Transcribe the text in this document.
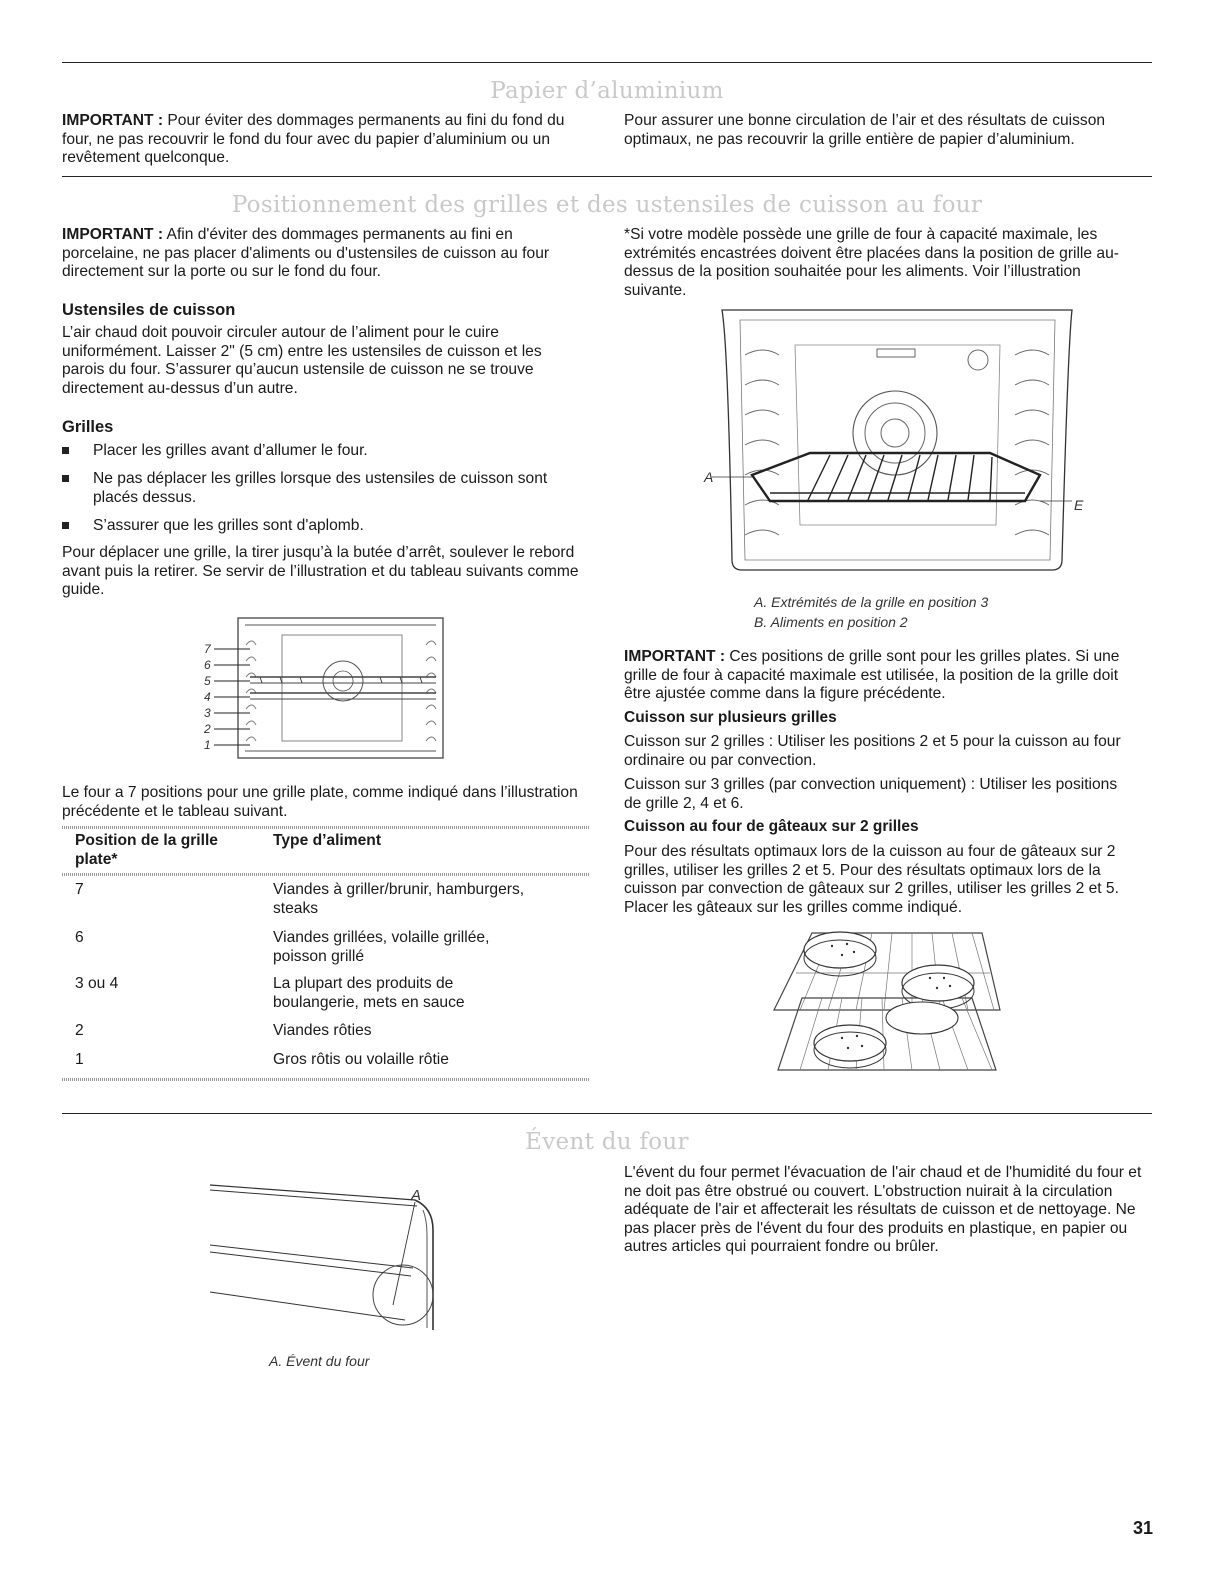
Papier d’aluminium

IMPORTANT : Pour éviter des dommages permanents au fini du fond du four, ne pas recouvrir le fond du four avec du papier d’aluminium ou un revêtement quelconque.

Pour assurer une bonne circulation de l’air et des résultats de cuisson optimaux, ne pas recouvrir la grille entière de papier d’aluminium.

Positionnement des grilles et des ustensiles de cuisson au four

IMPORTANT : Afin d'éviter des dommages permanents au fini en porcelaine, ne pas placer d'aliments ou d'ustensiles de cuisson au four directement sur la porte ou sur le fond du four.

Ustensiles de cuisson

L’air chaud doit pouvoir circuler autour de l’aliment pour le cuire uniformément. Laisser 2" (5 cm) entre les ustensiles de cuisson et les parois du four. S’assurer qu’aucun ustensile de cuisson ne se trouve directement au-dessus d’un autre.

Grilles
Placer les grilles avant d’allumer le four.
Ne pas déplacer les grilles lorsque des ustensiles de cuisson sont placés dessus.
S’assurer que les grilles sont d'aplomb.

Pour déplacer une grille, la tirer jusqu’à la butée d’arrêt, soulever le rebord avant puis la retirer. Se servir de l’illustration et du tableau suivants comme guide.

7
6
5
4
3
2
1

Le four a 7 positions pour une grille plate, comme indiqué dans l’illustration précédente et le tableau suivant.

Position de la grille plate*
Type d’aliment
7	Viandes à griller/brunir, hamburgers, steaks
6	Viandes grillées, volaille grillée, poisson grillé
3 ou 4	La plupart des produits de boulangerie, mets en sauce
2	Viandes rôties
1	Gros rôtis ou volaille rôtie

*Si votre modèle possède une grille de four à capacité maximale, les extrémités encastrées doivent être placées dans la position de grille au-dessus de la position souhaitée pour les aliments. Voir l’illustration suivante.

A
E
A. Extrémités de la grille en position 3
B. Aliments en position 2

IMPORTANT : Ces positions de grille sont pour les grilles plates. Si une grille de four à capacité maximale est utilisée, la position de la grille doit être ajustée comme dans la figure précédente.

Cuisson sur plusieurs grilles

Cuisson sur 2 grilles : Utiliser les positions 2 et 5 pour la cuisson au four ordinaire ou par convection.

Cuisson sur 3 grilles (par convection uniquement) : Utiliser les positions de grille 2, 4 et 6.

Cuisson au four de gâteaux sur 2 grilles

Pour des résultats optimaux lors de la cuisson au four de gâteaux sur 2 grilles, utiliser les grilles 2 et 5. Pour des résultats optimaux lors de la cuisson par convection de gâteaux sur 2 grilles, utiliser les grilles 2 et 5. Placer les gâteaux sur les grilles comme indiqué.

Évent du four
A
A. Évent du four

L'évent du four permet l'évacuation de l'air chaud et de l'humidité du four et ne doit pas être obstrué ou couvert. L'obstruction nuirait à la circulation adéquate de l'air et affecterait les résultats de cuisson et de nettoyage. Ne pas placer près de l'évent du four des produits en plastique, en papier ou autres articles qui pourraient fondre ou brûler.

31
